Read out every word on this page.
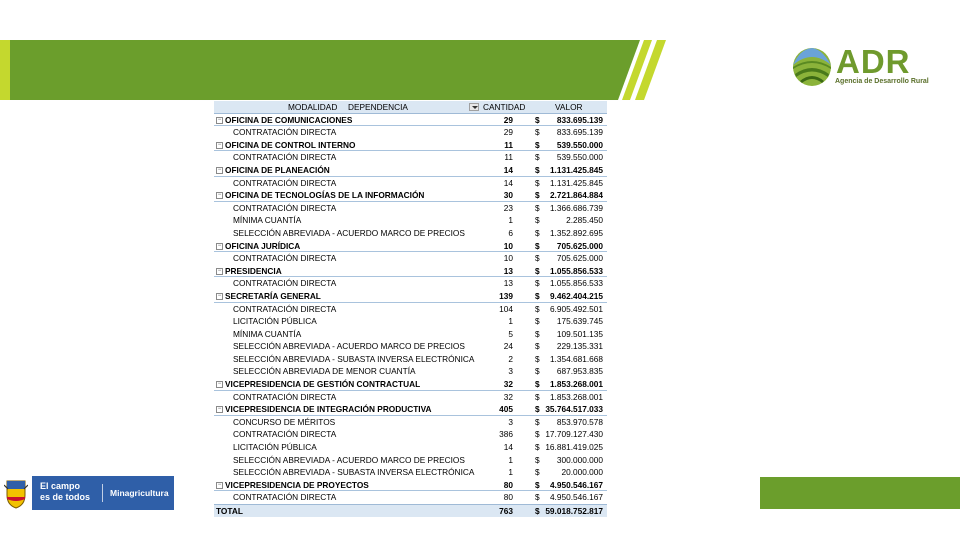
ADR
Agencia de Desarrollo Rural
MODALIDAD DEPENDENCIA	CANTIDAD	VALOR
− OFICINA DE COMUNICACIONES	29	$ 833.695.139
CONTRATACIÓN DIRECTA	29	$ 833.695.139
− OFICINA DE CONTROL INTERNO	11	$ 539.550.000
CONTRATACIÓN DIRECTA	11	$ 539.550.000
− OFICINA DE PLANEACIÓN	14	$ 1.131.425.845
CONTRATACIÓN DIRECTA	14	$ 1.131.425.845
− OFICINA DE TECNOLOGÍAS DE LA INFORMACIÓN	30	$ 2.721.864.884
CONTRATACIÓN DIRECTA	23	$ 1.366.686.739
MÍNIMA CUANTÍA	1	$	2.285.450
SELECCIÓN ABREVIADA - ACUERDO MARCO DE PRECIOS	6	$ 1.352.892.695
− OFICINA JURÍDICA	10	$ 705.625.000
CONTRATACIÓN DIRECTA	10	$ 705.625.000
− PRESIDENCIA	13	$ 1.055.856.533
CONTRATACIÓN DIRECTA	13	$ 1.055.856.533
− SECRETARÍA GENERAL	139	$ 9.462.404.215
CONTRATACIÓN DIRECTA	104	$ 6.905.492.501
LICITACIÓN PÚBLICA	1	$ 175.639.745
MÍNIMA CUANTÍA	5	$ 109.501.135
SELECCIÓN ABREVIADA - ACUERDO MARCO DE PRECIOS	24	$ 229.135.331
SELECCIÓN ABREVIADA - SUBASTA INVERSA ELECTRÓNICA	2	$ 1.354.681.668
SELECCIÓN ABREVIADA DE MENOR CUANTÍA	3	$ 687.953.835
− VICEPRESIDENCIA DE GESTIÓN CONTRACTUAL	32	$ 1.853.268.001
CONTRATACIÓN DIRECTA	32	$ 1.853.268.001
− VICEPRESIDENCIA DE INTEGRACIÓN PRODUCTIVA	405	$ 35.764.517.033
CONCURSO DE MÉRITOS	3	$ 853.970.578
CONTRATACIÓN DIRECTA	386	$ 17.709.127.430
LICITACIÓN PÚBLICA	14	$ 16.881.419.025
SELECCIÓN ABREVIADA - ACUERDO MARCO DE PRECIOS	1	$ 300.000.000
SELECCIÓN ABREVIADA - SUBASTA INVERSA ELECTRÓNICA	1	$	20.000.000
− VICEPRESIDENCIA DE PROYECTOS	80	$ 4.950.546.167
CONTRATACIÓN DIRECTA	80	$ 4.950.546.167
TOTAL	763	$ 59.018.752.817
El campo
es de todos Minagricultura
